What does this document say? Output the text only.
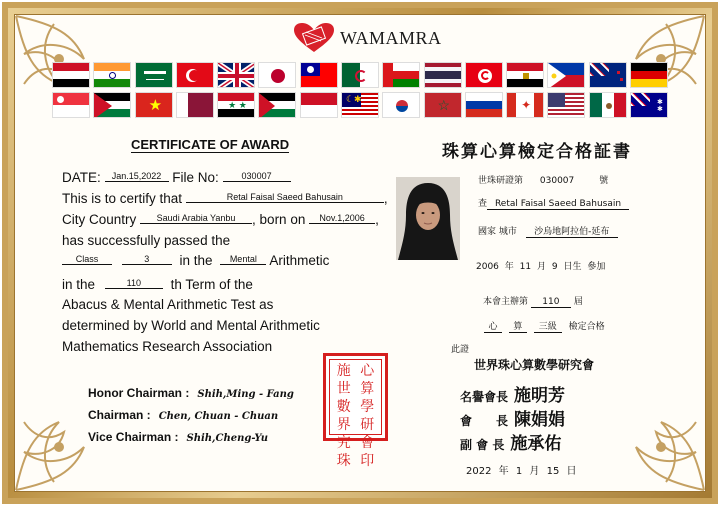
WAMAMRA
★	★ ★
☾✱	☆	✦	✱
✱
CERTIFICATE OF AWARD	珠算心算檢定合格証書
DATE: Jan.15,2022 File No:	030007
This is to certify that	Retal Faisal Saeed Bahusain	,
City Country Saudi Arabia Yanbu , born on Nov.1,2006 ,
has successfully passed the
Class	3 in the Mental Arithmetic
in the	110 th Term of the
Abacus & Mental Arithmetic Test as
determined by World and Mental Arithmetic
Mathematics Research Association
世珠研證第 030007	號
查 Retal Faisal Saeed Bahusain
國家 城市 沙烏地阿拉伯-延布
2006 年 11 月 9 日生 參加
本會主辦第 110 屆
心 算 三級 檢定合格
此證
世界珠心算數學研究會
施 心
世 算
數 學
界 研
究 會
珠 印
Honor Chairman : Shih,Ming - Fang
Chairman : Chen, Chuan - Chuan
Vice Chairman : Shih,Cheng-Yu
名譽會長 施明芳
會　　長 陳娟娟
副 會 長 施承佑
2022 年 1 月 15 日
